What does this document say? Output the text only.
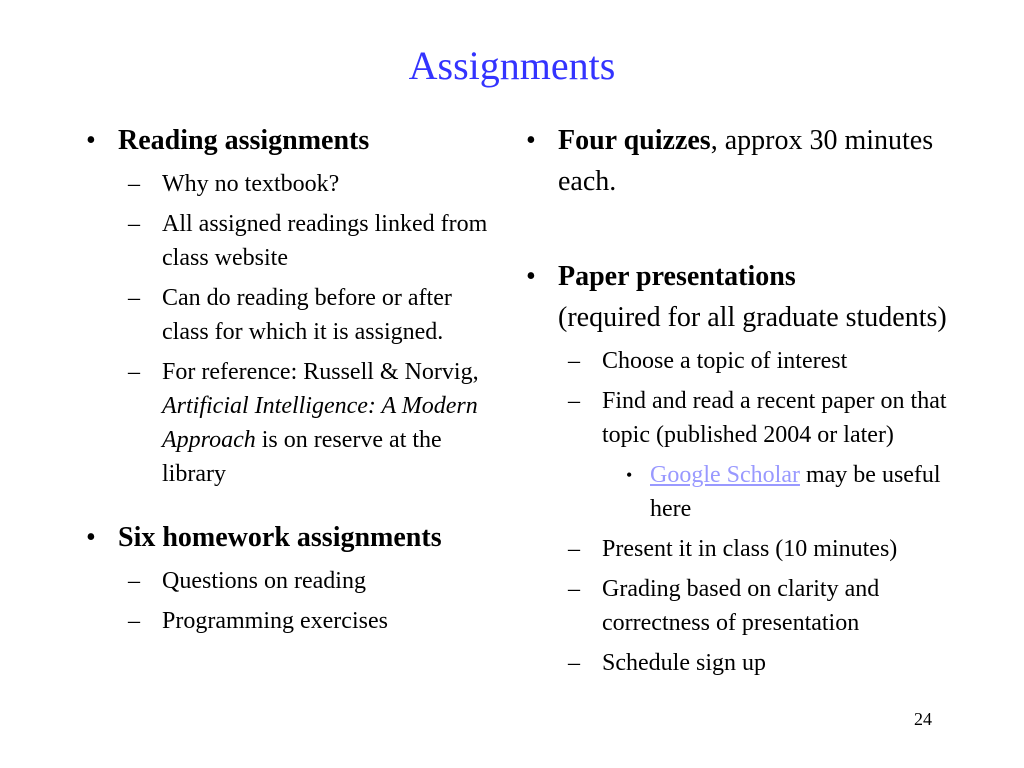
Assignments
• Reading assignments
– Why no textbook?
– All assigned readings linked from class website
– Can do reading before or after class for which it is assigned.
– For reference: Russell & Norvig, Artificial Intelligence: A Modern Approach is on reserve at the library
• Six homework assignments
– Questions on reading
– Programming exercises
• Four quizzes, approx 30 minutes each.
• Paper presentations
(required for all graduate students)
– Choose a topic of interest
– Find and read a recent paper on that topic (published 2004 or later)
• Google Scholar may be useful here
– Present it in class (10 minutes)
– Grading based on clarity and correctness of presentation
– Schedule sign up
24
